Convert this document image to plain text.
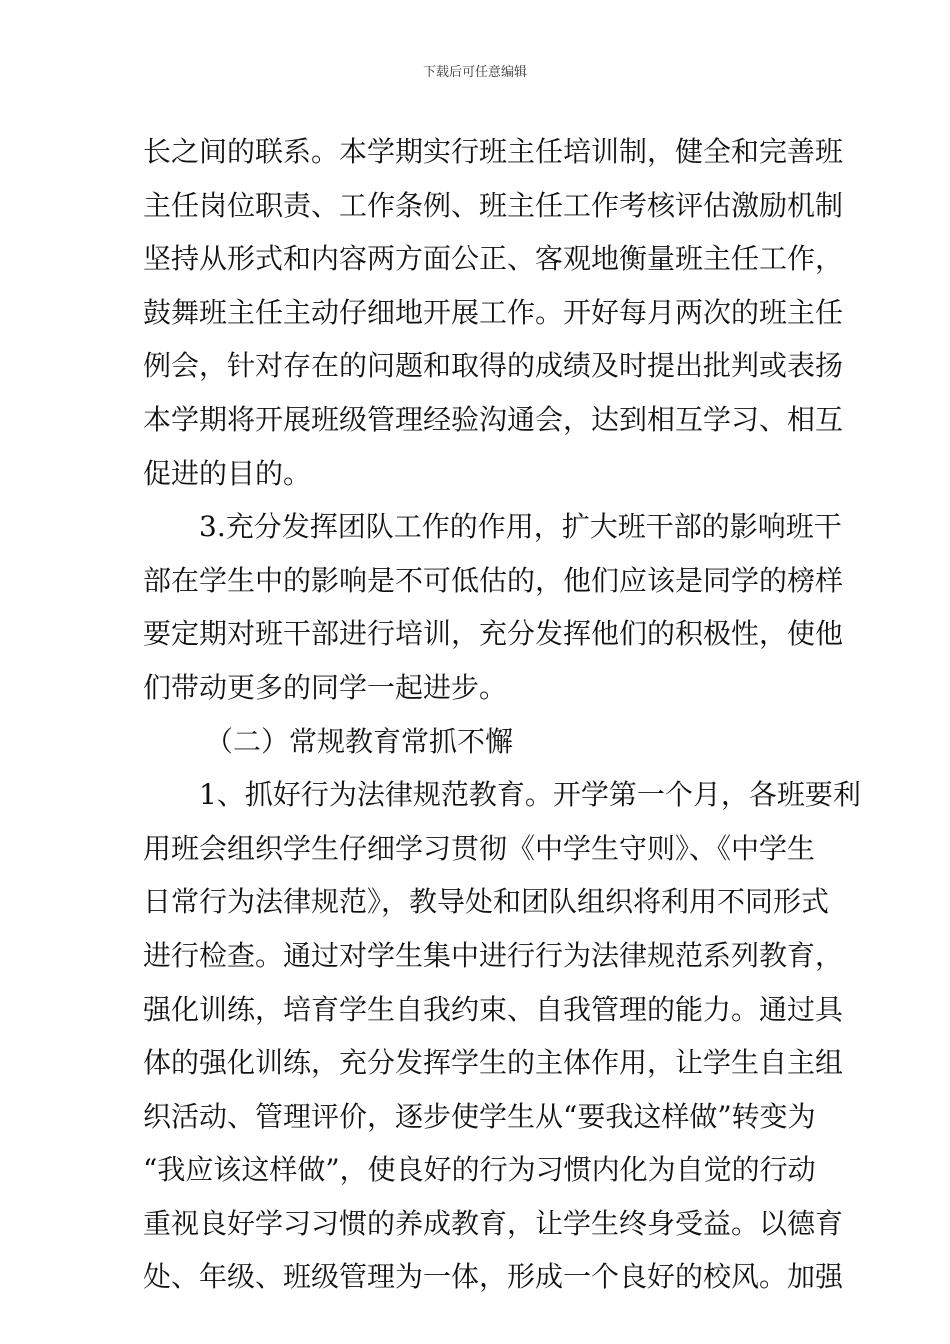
下载后可任意编辑
长之间的联系。本学期实行班主任培训制，健全和完善班
主任岗位职责、工作条例、班主任工作考核评估激励机制
坚持从形式和内容两方面公正、客观地衡量班主任工作，
鼓舞班主任主动仔细地开展工作。开好每月两次的班主任
例会，针对存在的问题和取得的成绩及时提出批判或表扬
本学期将开展班级管理经验沟通会，达到相互学习、相互
促进的目的。
3.充分发挥团队工作的作用，扩大班干部的影响班干
部在学生中的影响是不可低估的，他们应该是同学的榜样
要定期对班干部进行培训，充分发挥他们的积极性，使他
们带动更多的同学一起进步。
（二）常规教育常抓不懈
1、抓好行为法律规范教育。开学第一个月，各班要利
用班会组织学生仔细学习贯彻《中学生守则》、《中学生
日常行为法律规范》，教导处和团队组织将利用不同形式
进行检查。通过对学生集中进行行为法律规范系列教育，
强化训练，培育学生自我约束、自我管理的能力。通过具
体的强化训练，充分发挥学生的主体作用，让学生自主组
织活动、管理评价，逐步使学生从“要我这样做”转变为
“我应该这样做”，使良好的行为习惯内化为自觉的行动
重视良好学习习惯的养成教育，让学生终身受益。以德育
处、年级、班级管理为一体，形成一个良好的校风。加强
